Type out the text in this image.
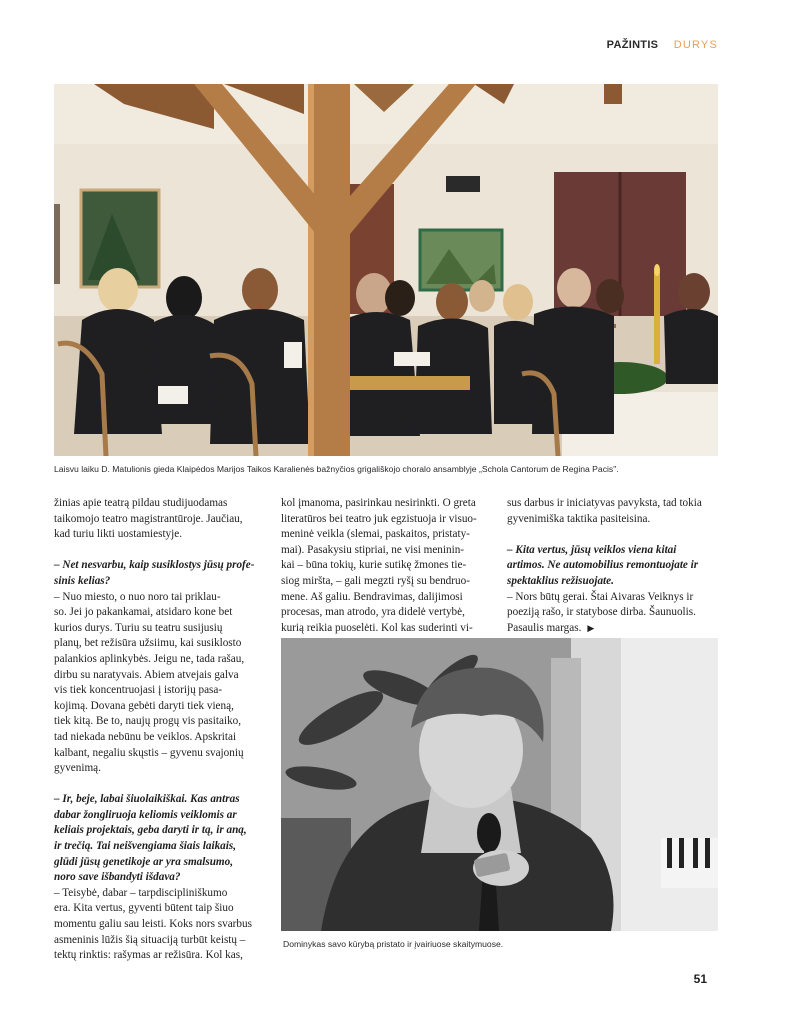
PAŽINTIS DURYS
Laisvu laiku D. Matulionis gieda Klaipėdos Marijos Taikos Karalienės bažnyčios grigališkojo choralo ansamblyje „Schola Cantorum de Regina Pacis".

žinias apie teatrą pildau studijuodamas

taikomojo teatro magistrantūroje. Jaučiau,

kad turiu likti uostamiestyje.

– Net nesvarbu, kaip susiklostys jūsų profe-

sinis kelias?

– Nuo miesto, o nuo noro tai priklau-

so. Jei jo pakankamai, atsidaro kone bet

kurios durys. Turiu su teatru susijusių

planų, bet režisūra užsiimu, kai susiklosto

palankios aplinkybės. Jeigu ne, tada rašau,

dirbu su naratyvais. Abiem atvejais galva

vis tiek koncentruojasi į istorijų pasa-

kojimą. Dovana gebėti daryti tiek vieną,

tiek kitą. Be to, naujų progų vis pasitaiko,

tad niekada nebūnu be veiklos. Apskritai

kalbant, negaliu skųstis – gyvenu svajonių

gyvenimą.

– Ir, beje, labai šiuolaikiškai. Kas antras

dabar žongliruoja keliomis veiklomis ar

keliais projektais, geba daryti ir tą, ir aną,

ir trečią. Tai neišvengiama šiais laikais,

glūdi jūsų genetikoje ar yra smalsumo,

noro save išbandyti išdava?

– Teisybė, dabar – tarpdiscipliniškumo

era. Kita vertus, gyventi būtent taip šiuo

momentu galiu sau leisti. Koks nors svarbus

asmeninis lūžis šią situaciją turbūt keistų –

tektų rinktis: rašymas ar režisūra. Kol kas,

kol įmanoma, pasirinkau nesirinkti. O greta

literatūros bei teatro juk egzistuoja ir visuo-

meninė veikla (slemai, paskaitos, pristaty-

mai). Pasakysiu stipriai, ne visi meninin-

kai – būna tokių, kurie sutikę žmones tie-

siog miršta, – gali megzti ryšį su bendruo-

mene. Aš galiu. Bendravimas, dalijimosi

procesas, man atrodo, yra didelė vertybė,

kurią reikia puoselėti. Kol kas suderinti vi-

sus darbus ir iniciatyvas pavyksta, tad tokia

gyvenimiška taktika pasiteisina.

– Kita vertus, jūsų veiklos viena kitai

artimos. Ne automobilius remontuojate ir

spektaklius režisuojate.

– Nors būtų gerai. Štai Aivaras Veiknys ir

poeziją rašo, ir statybose dirba. Šaunuolis.

Pasaulis margas. ▶

Dominykas savo kūrybą pristato ir įvairiuose skaitymuose.
51
